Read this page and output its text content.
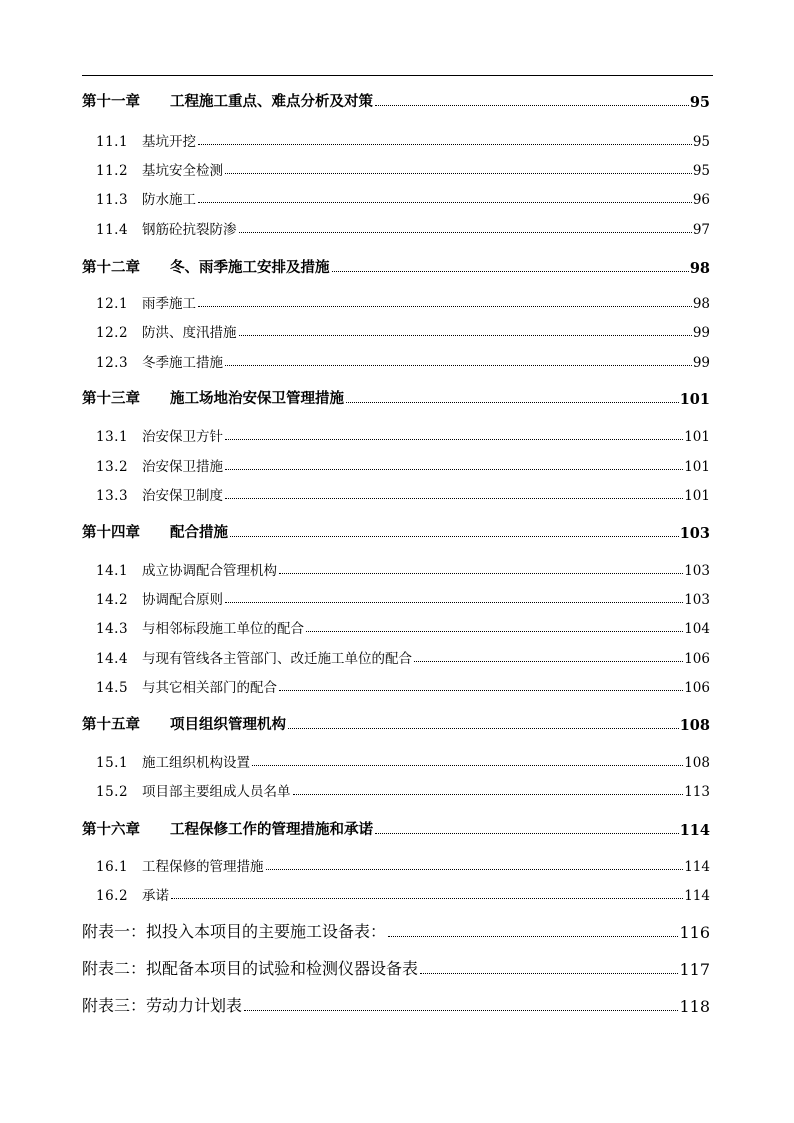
第十一章	工程施工重点、难点分析及对策	95
11.1	基坑开挖	95
11.2	基坑安全检测	95
11.3	防水施工	96
11.4	钢筋砼抗裂防渗	97
第十二章	冬、雨季施工安排及措施	98
12.1	雨季施工	98
12.2	防洪、度汛措施	99
12.3	冬季施工措施	99
第十三章	施工场地治安保卫管理措施	101
13.1	治安保卫方针	101
13.2	治安保卫措施	101
13.3	治安保卫制度	101
第十四章	配合措施	103
14.1	成立协调配合管理机构	103
14.2	协调配合原则	103
14.3	与相邻标段施工单位的配合	104
14.4	与现有管线各主管部门、改迁施工单位的配合	106
14.5	与其它相关部门的配合	106
第十五章	项目组织管理机构	108
15.1	施工组织机构设置	108
15.2	项目部主要组成人员名单	113
第十六章	工程保修工作的管理措施和承诺	114
16.1	工程保修的管理措施	114
16.2	承诺	114
附表一：拟投入本项目的主要施工设备表：	116
附表二：拟配备本项目的试验和检测仪器设备表	117
附表三：劳动力计划表	118
